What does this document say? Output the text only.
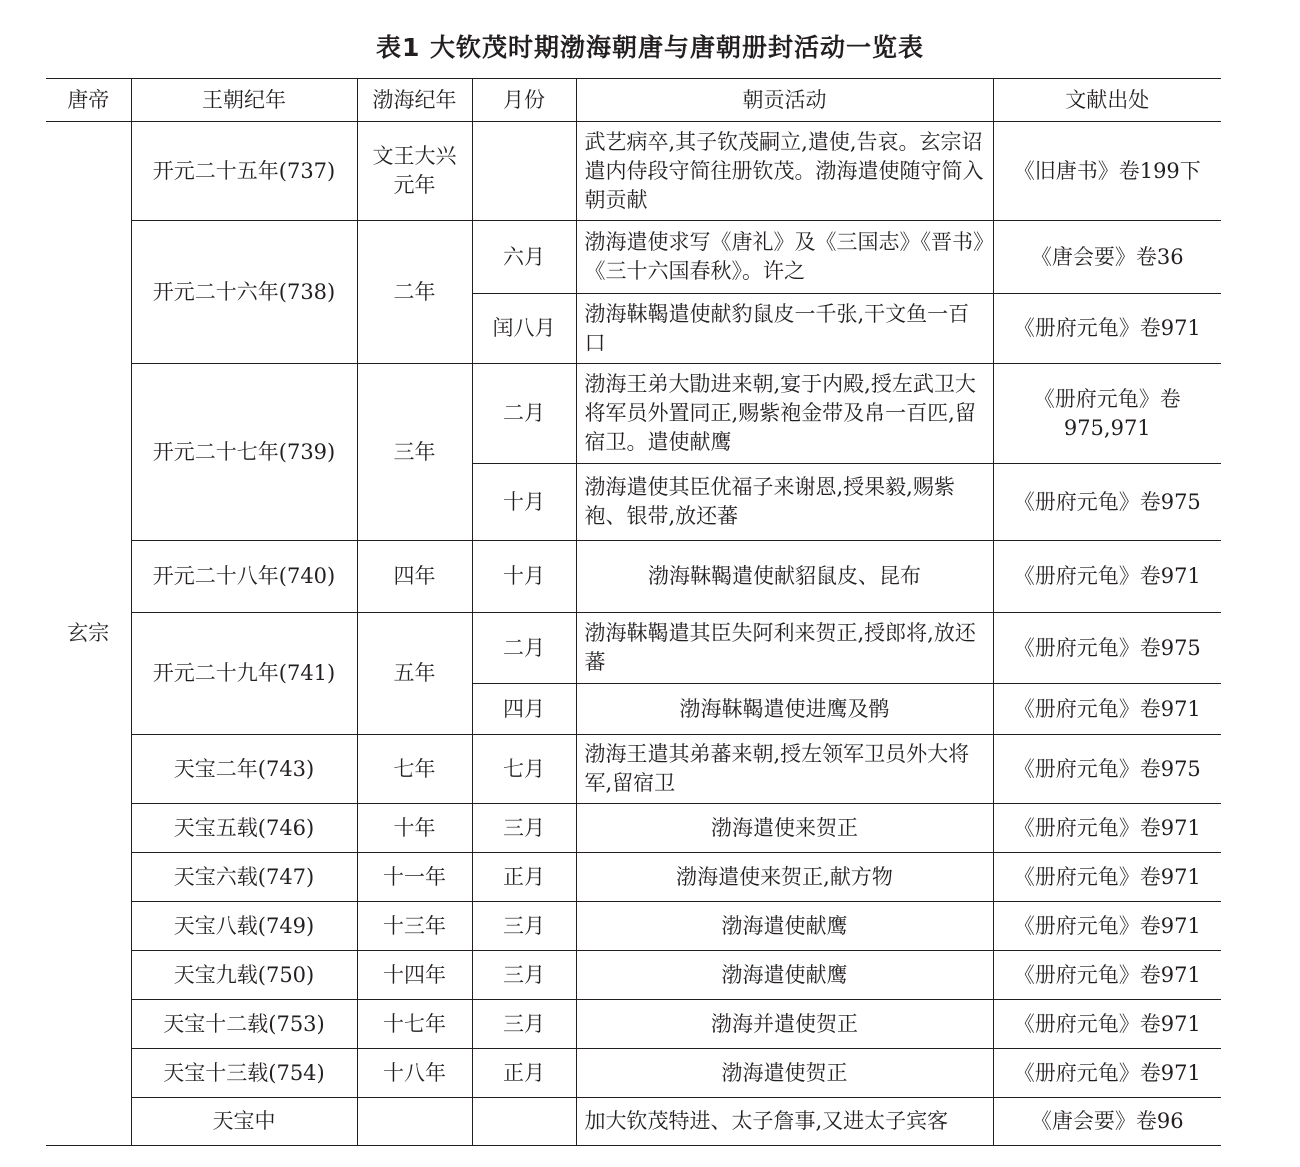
表1 大钦茂时期渤海朝唐与唐朝册封活动一览表
唐帝	王朝纪年	渤海纪年	月份	朝贡活动	文献出处
玄宗	开元二十五年(737)	文王大兴元年		武艺病卒,其子钦茂嗣立,遣使,告哀。玄宗诏遣内侍段守简往册钦茂。渤海遣使随守简入朝贡献	《旧唐书》卷199下
	开元二十六年(738)	二年	六月	渤海遣使求写《唐礼》及《三国志》《晋书》《三十六国春秋》。许之	《唐会要》卷36
			闰八月	渤海靺鞨遣使献豹鼠皮一千张,干文鱼一百口	《册府元龟》卷971
	开元二十七年(739)	三年	二月	渤海王弟大勖进来朝,宴于内殿,授左武卫大将军员外置同正,赐紫袍金带及帛一百匹,留宿卫。遣使献鹰	《册府元龟》卷975,971
			十月	渤海遣使其臣优福子来谢恩,授果毅,赐紫袍、银带,放还蕃	《册府元龟》卷975
	开元二十八年(740)	四年	十月	渤海靺鞨遣使献貂鼠皮、昆布	《册府元龟》卷971
	开元二十九年(741)	五年	二月	渤海靺鞨遣其臣失阿利来贺正,授郎将,放还蕃	《册府元龟》卷975
			四月	渤海靺鞨遣使进鹰及鹘	《册府元龟》卷971
	天宝二年(743)	七年	七月	渤海王遣其弟蕃来朝,授左领军卫员外大将军,留宿卫	《册府元龟》卷975
	天宝五载(746)	十年	三月	渤海遣使来贺正	《册府元龟》卷971
	天宝六载(747)	十一年	正月	渤海遣使来贺正,献方物	《册府元龟》卷971
	天宝八载(749)	十三年	三月	渤海遣使献鹰	《册府元龟》卷971
	天宝九载(750)	十四年	三月	渤海遣使献鹰	《册府元龟》卷971
	天宝十二载(753)	十七年	三月	渤海并遣使贺正	《册府元龟》卷971
	天宝十三载(754)	十八年	正月	渤海遣使贺正	《册府元龟》卷971
	天宝中			加大钦茂特进、太子詹事,又进太子宾客	《唐会要》卷96
